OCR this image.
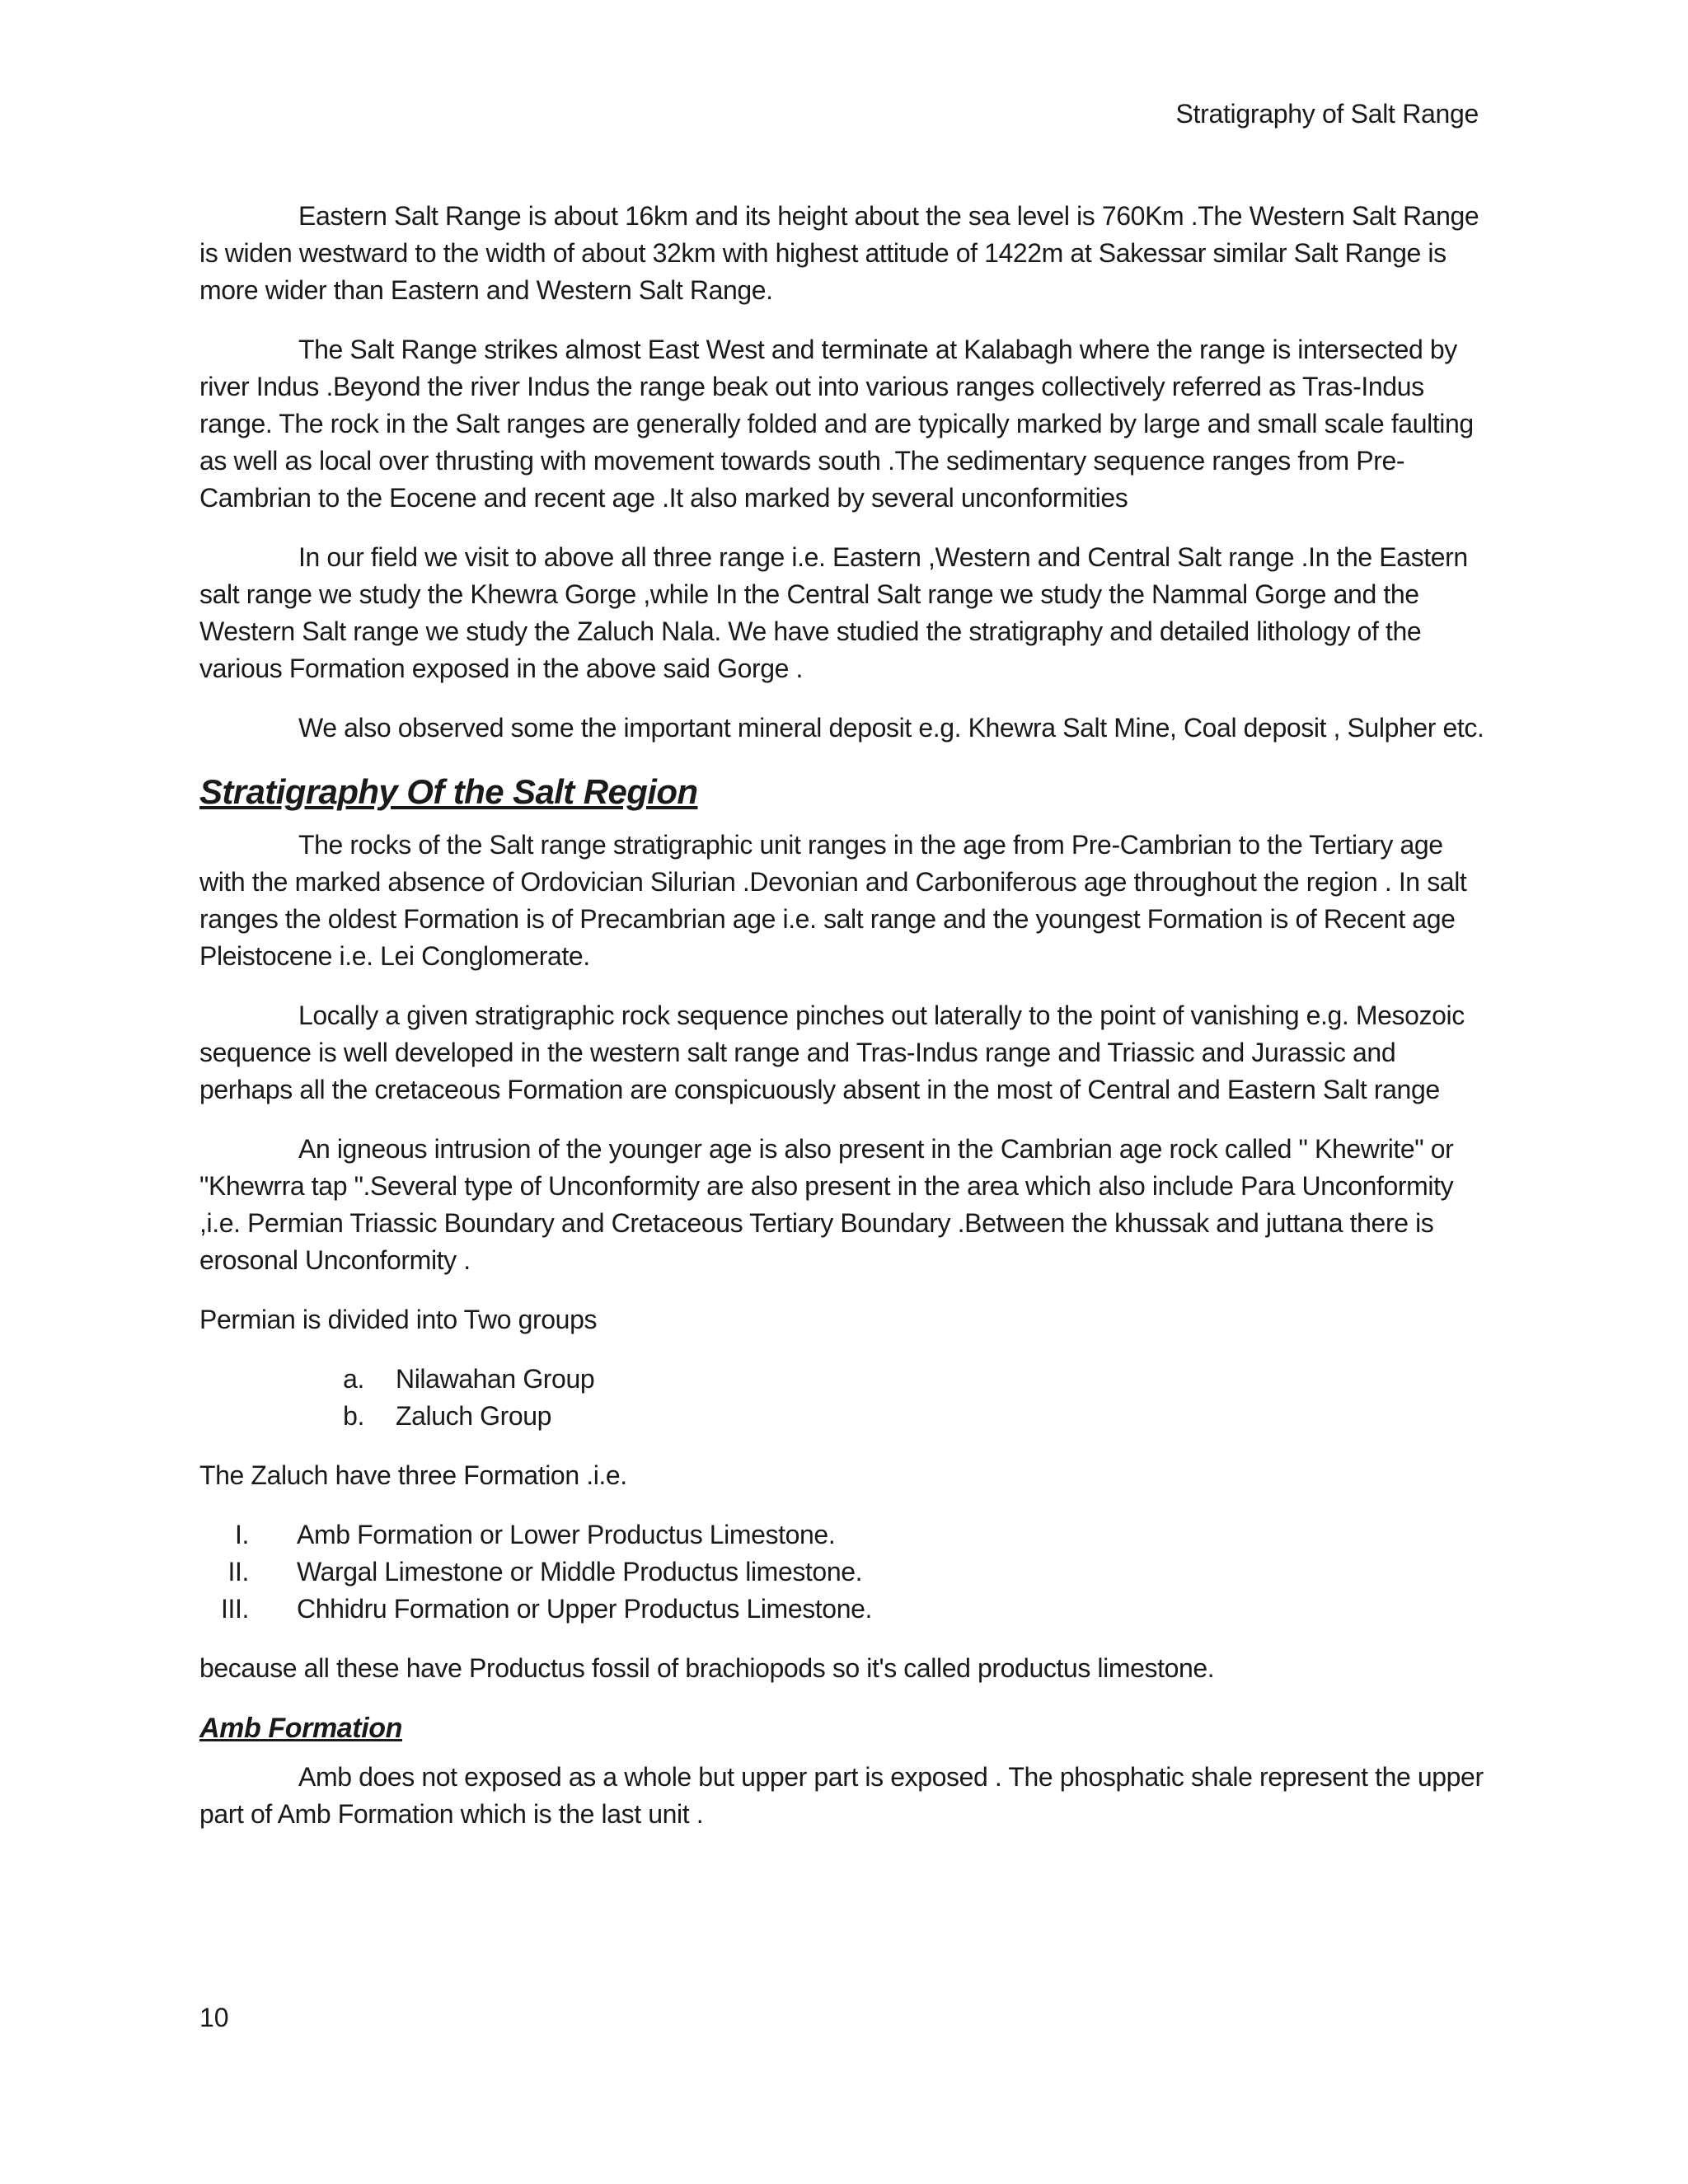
Stratigraphy of Salt Range

Eastern Salt Range is about 16km and its height about the sea level is 760Km .The Western Salt Range is widen westward to the width of about 32km with highest attitude of 1422m at Sakessar similar Salt Range is more wider than Eastern and Western Salt Range.

The Salt Range strikes almost East West and terminate at Kalabagh where the range is intersected by river Indus .Beyond the river Indus the range beak out into various ranges collectively referred as Tras-Indus range. The rock in the Salt ranges are generally folded and are typically marked by large and small scale faulting as well as local over thrusting with movement towards south .The sedimentary sequence ranges from Pre-Cambrian to the Eocene and recent age .It also marked by several unconformities

In our field we visit to above all three range i.e. Eastern ,Western and Central Salt range .In the Eastern salt range we study the Khewra Gorge ,while In the Central Salt range we study the Nammal Gorge and the Western Salt range we study the Zaluch Nala. We have studied the stratigraphy and detailed lithology of the various Formation exposed in the above said Gorge .

We also observed some the important mineral deposit e.g. Khewra Salt Mine, Coal deposit , Sulpher etc.

Stratigraphy Of the Salt Region

The rocks of the Salt range stratigraphic unit ranges in the age from Pre-Cambrian to the Tertiary age with the marked absence of Ordovician Silurian .Devonian and Carboniferous age throughout the region . In salt ranges the oldest Formation is of Precambrian age i.e. salt range and the youngest Formation is of Recent age Pleistocene i.e. Lei Conglomerate.

Locally a given stratigraphic rock sequence pinches out laterally to the point of vanishing e.g. Mesozoic sequence is well developed in the western salt range and Tras-Indus range and Triassic and Jurassic and perhaps all the cretaceous Formation are conspicuously absent in the most of Central and Eastern Salt range

An igneous intrusion of the younger age is also present in the Cambrian age rock called " Khewrite" or "Khewrra tap ".Several type of Unconformity are also present in the area which also include Para Unconformity ,i.e. Permian Triassic Boundary and Cretaceous Tertiary Boundary .Between the khussak and juttana there is erosonal Unconformity .

Permian is divided into Two groups

a. Nilawahan Group
b. Zaluch Group

The Zaluch have three Formation .i.e.

I. Amb Formation or Lower Productus Limestone.
II. Wargal Limestone or Middle Productus limestone.
III. Chhidru Formation or Upper Productus Limestone.

because all these have Productus fossil of brachiopods so it's called productus limestone.

Amb Formation

Amb does not exposed as a whole but upper part is exposed . The phosphatic shale represent the upper part of Amb Formation which is the last unit .

10
